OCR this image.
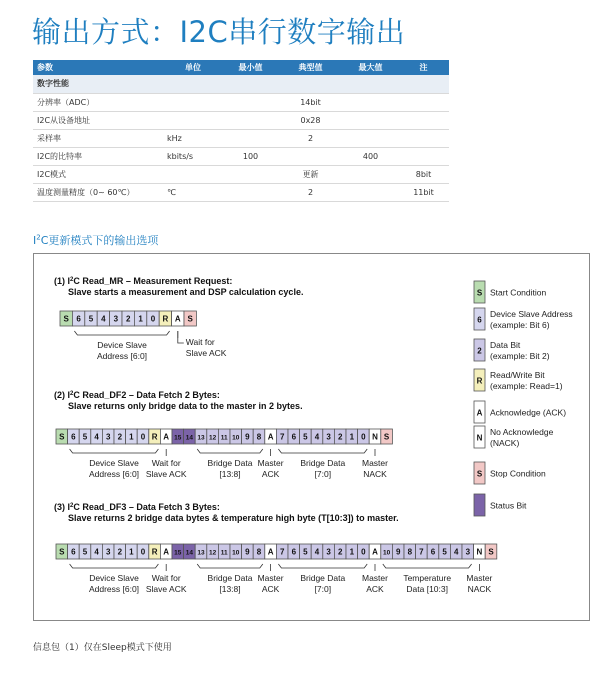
输出方式：I2C串行数字输出
参数	单位	最小值	典型值	最大值	注
数字性能					
分辨率（ADC）			14bit		
I2C从设备地址			0x28		
采样率	kHz		2		
I2C的比特率	kbits/s	100		400	
I2C模式			更新		8bit
温度测量精度（0~ 60℃）	℃		2		11bit
$I^2C$更新模式下的输出选项
(1) $I^2C$ Read_MR – Measurement Request:
Slave starts a measurement and DSP calculation cycle.
S 6 5 4 3 2 1 0 R A S
Device Slave
Address [6:0]
Wait for
Slave ACK
(2) $I^2C$ Read_DF2 – Data Fetch 2 Bytes:
Slave returns only bridge data to the master in 2 bytes.
S 6 5 4 3 2 1 0 R A 15 14 13 12 11 10 9 8 A 7 6 5 4 3 2 1 0 N S
Device Slave
Address [6:0]
Wait for
Slave ACK
Bridge Data
[13:8]
Master
ACK
Bridge Data
[7:0]
Master
NACK
(3) $I^2C$ Read_DF3 – Data Fetch 3 Bytes:
Slave returns 2 bridge data bytes & temperature high byte (T[10:3]) to master.
S 6 5 4 3 2 1 0 R A 15 14 13 12 11 10 9 8 A 7 6 5 4 3 2 1 0 A 10 9 8 7 6 5 4 3 N S
Device Slave
Address [6:0]
Wait for
Slave ACK
Bridge Data
[13:8]
Master
ACK
Bridge Data
[7:0]
Master
ACK
Temperature
Data [10:3]
Master
NACK
S Start Condition
6
Device Slave Address
(example: Bit 6)
2
Data Bit
(example: Bit 2)
R
Read/Write Bit
(example: Read=1)
A Acknowledge (ACK)
N
No Acknowledge
(NACK)
S Stop Condition
Status Bit
信息包（1）仅在Sleep模式下使用
